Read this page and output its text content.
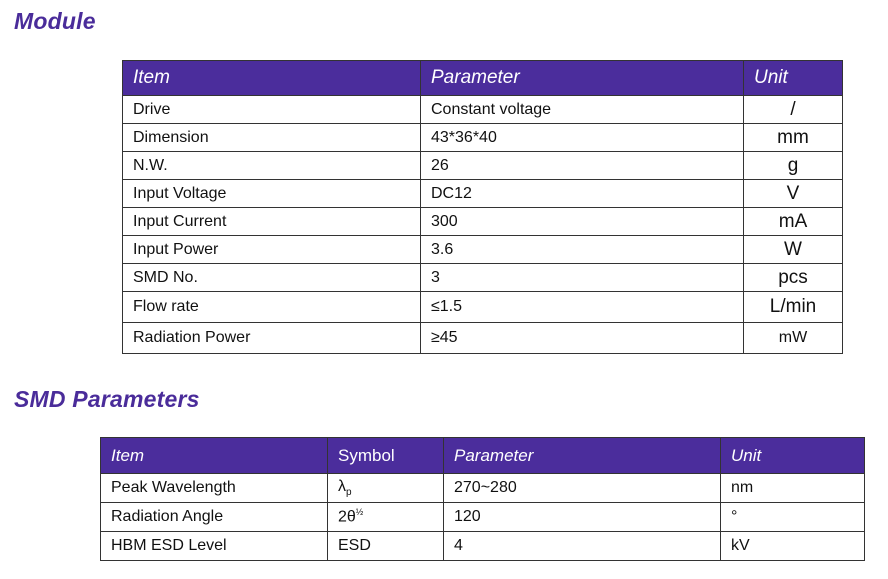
Module
Item	Parameter	Unit
Drive	Constant voltage	/
Dimension	43*36*40	mm
N.W.	26	g
Input Voltage	DC12	V
Input Current	300	mA
Input Power	3.6	W
SMD No.	3	pcs
Flow rate	≤1.5	L/min
Radiation Power	≥45	mW
SMD Parameters
Item	Symbol	Parameter	Unit
Peak Wavelength	$\lambda_p$	270~280	nm
Radiation Angle	$2\theta^{\frac{1}{2}}$	120	°
HBM ESD Level	ESD	4	kV
